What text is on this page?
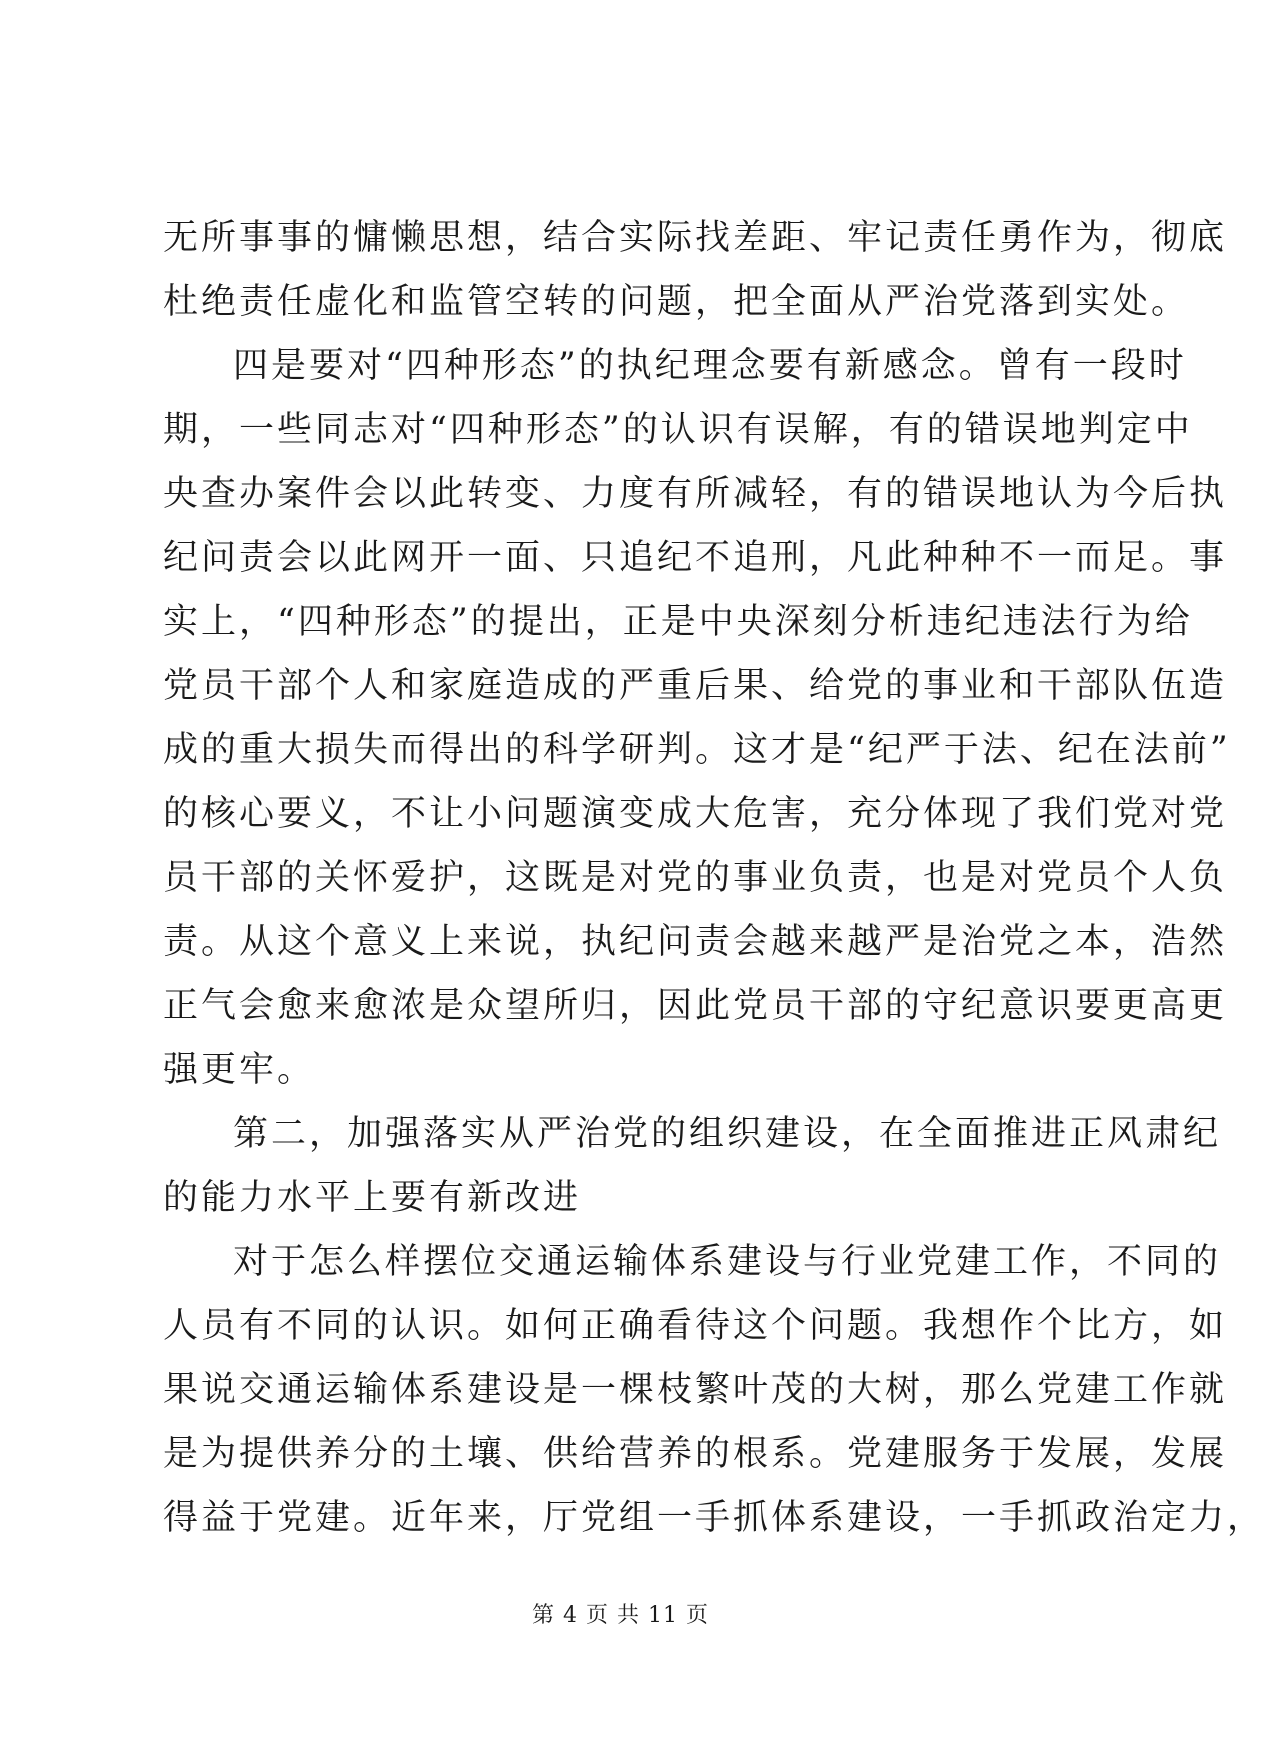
无所事事的慵懒思想，结合实际找差距、牢记责任勇作为，彻底
杜绝责任虚化和监管空转的问题，把全面从严治党落到实处。
四是要对“四种形态”的执纪理念要有新感念。曾有一段时
期，一些同志对“四种形态”的认识有误解，有的错误地判定中
央查办案件会以此转变、力度有所减轻，有的错误地认为今后执
纪问责会以此网开一面、只追纪不追刑，凡此种种不一而足。事
实上，“四种形态”的提出，正是中央深刻分析违纪违法行为给
党员干部个人和家庭造成的严重后果、给党的事业和干部队伍造
成的重大损失而得出的科学研判。这才是“纪严于法、纪在法前”
的核心要义，不让小问题演变成大危害，充分体现了我们党对党
员干部的关怀爱护，这既是对党的事业负责，也是对党员个人负
责。从这个意义上来说，执纪问责会越来越严是治党之本，浩然
正气会愈来愈浓是众望所归，因此党员干部的守纪意识要更高更
强更牢。
第二，加强落实从严治党的组织建设，在全面推进正风肃纪
的能力水平上要有新改进
对于怎么样摆位交通运输体系建设与行业党建工作，不同的
人员有不同的认识。如何正确看待这个问题。我想作个比方，如
果说交通运输体系建设是一棵枝繁叶茂的大树，那么党建工作就
是为提供养分的土壤、供给营养的根系。党建服务于发展，发展
得益于党建。近年来，厅党组一手抓体系建设，一手抓政治定力，
第 4 页 共 11 页
